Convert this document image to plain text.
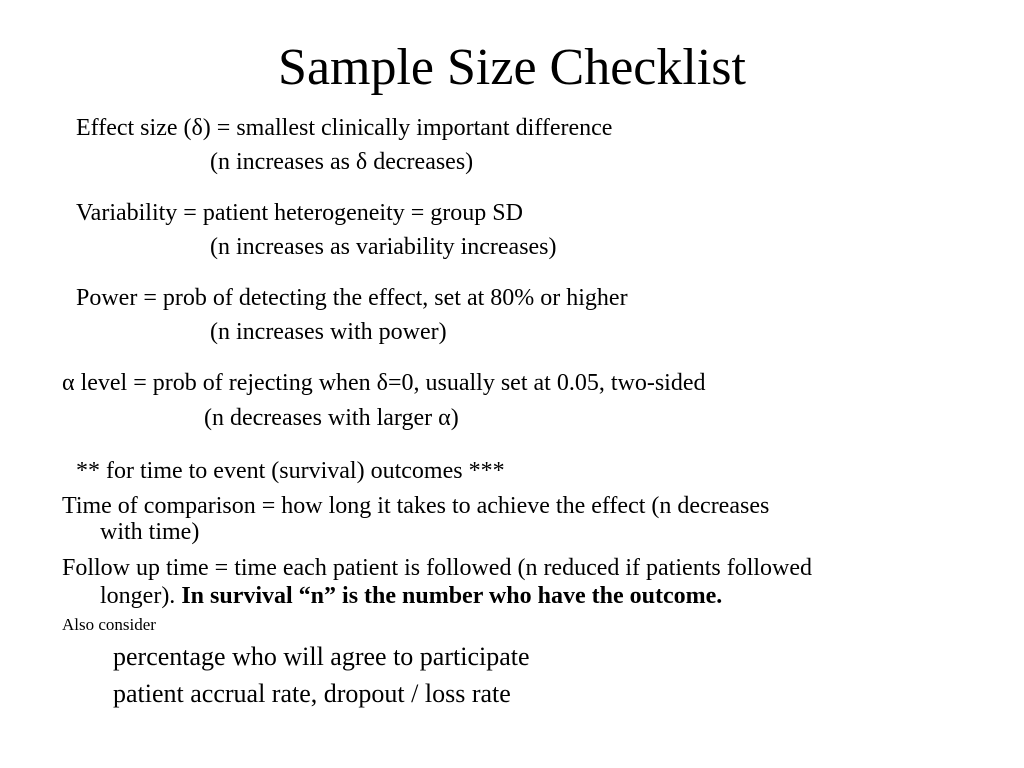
Sample Size Checklist
Effect size (δ) = smallest clinically important difference
(n increases as δ decreases)
Variability = patient heterogeneity = group SD
(n increases as variability increases)
Power = prob of detecting the effect, set at 80% or higher
(n increases with power)
α level = prob of rejecting when δ=0, usually set at 0.05, two-sided
(n decreases with larger α)
** for time to event (survival) outcomes ***
Time of comparison = how long it takes to achieve the effect (n decreases
with time)
Follow up time = time each patient is followed (n reduced if patients followed
longer). In survival “n” is the number who have the outcome.
Also consider
percentage who will agree to participate
patient accrual rate, dropout / loss rate
